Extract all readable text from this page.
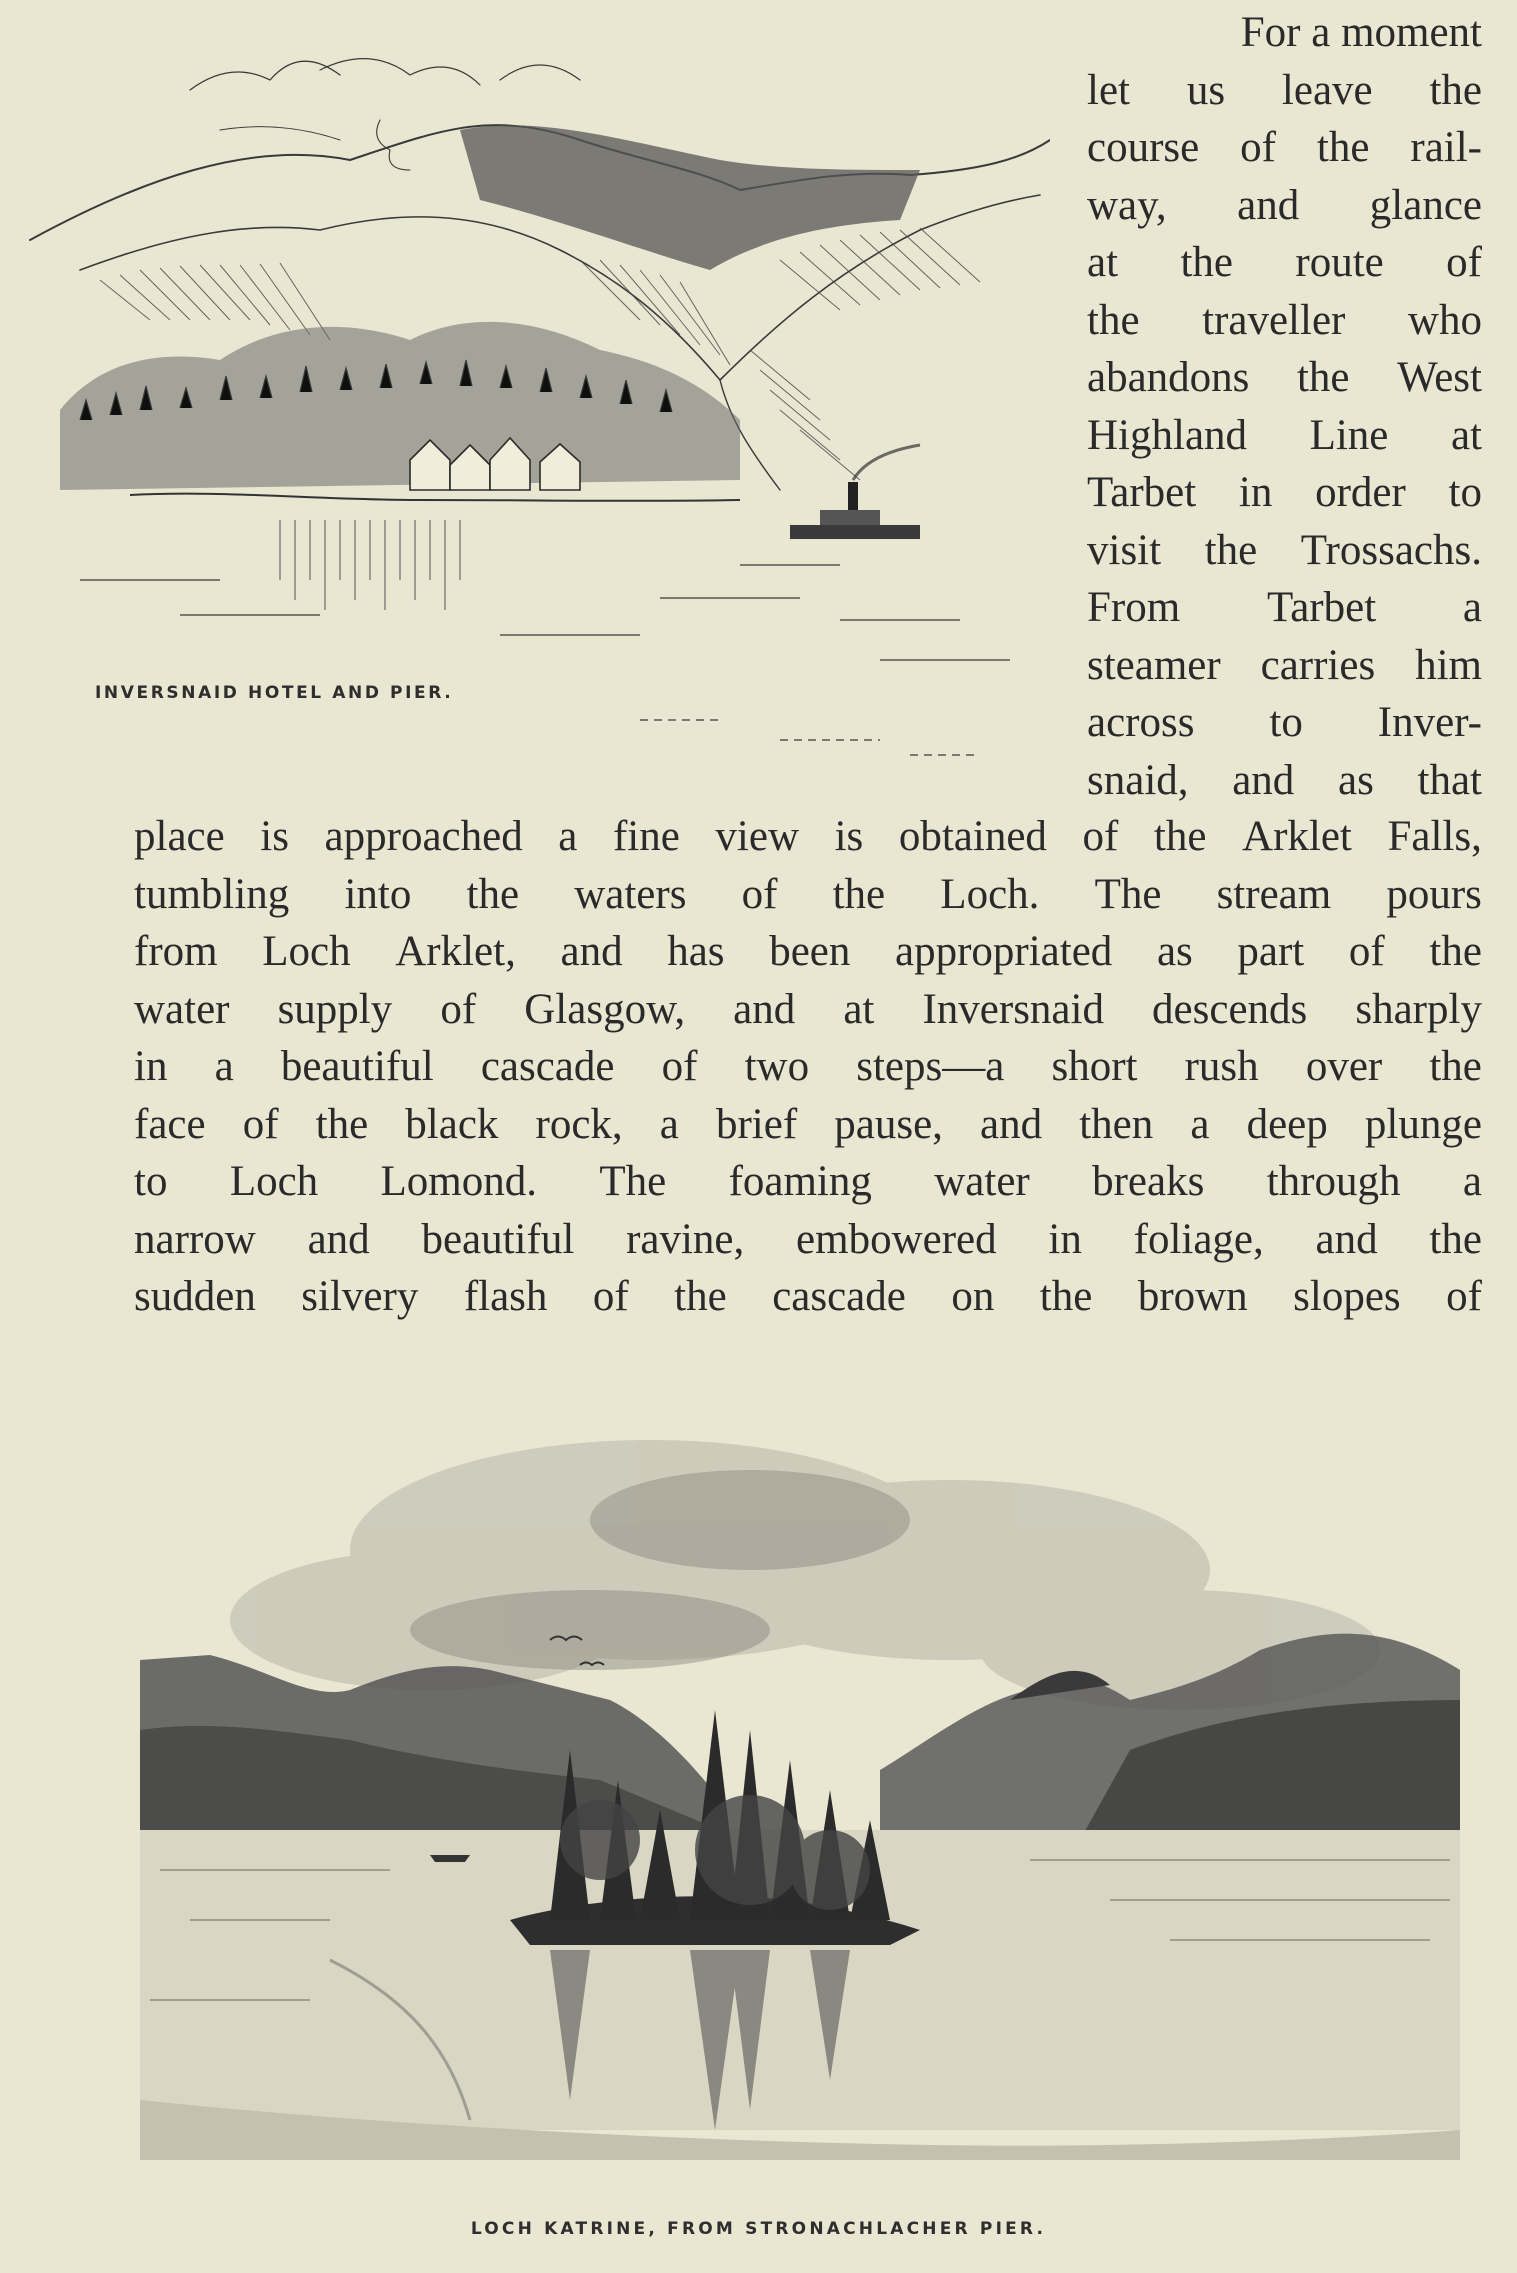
INVERSNAID HOTEL AND PIER.
For a moment
let us leave the
course of the rail-
way, and glance
at the route of
the traveller who
abandons the West
Highland Line at
Tarbet in order to
visit the Trossachs.
From Tarbet a
steamer carries him
across to Inver-
snaid, and as that
place is approached a fine view is obtained of the Arklet Falls,
tumbling into the waters of the Loch. The stream pours
from Loch Arklet, and has been appropriated as part of the
water supply of Glasgow, and at Inversnaid descends sharply
in a beautiful cascade of two steps—a short rush over the
face of the black rock, a brief pause, and then a deep plunge
to Loch Lomond. The foaming water breaks through a
narrow and beautiful ravine, embowered in foliage, and the
sudden silvery flash of the cascade on the brown slopes of
LOCH KATRINE, FROM STRONACHLACHER PIER.
